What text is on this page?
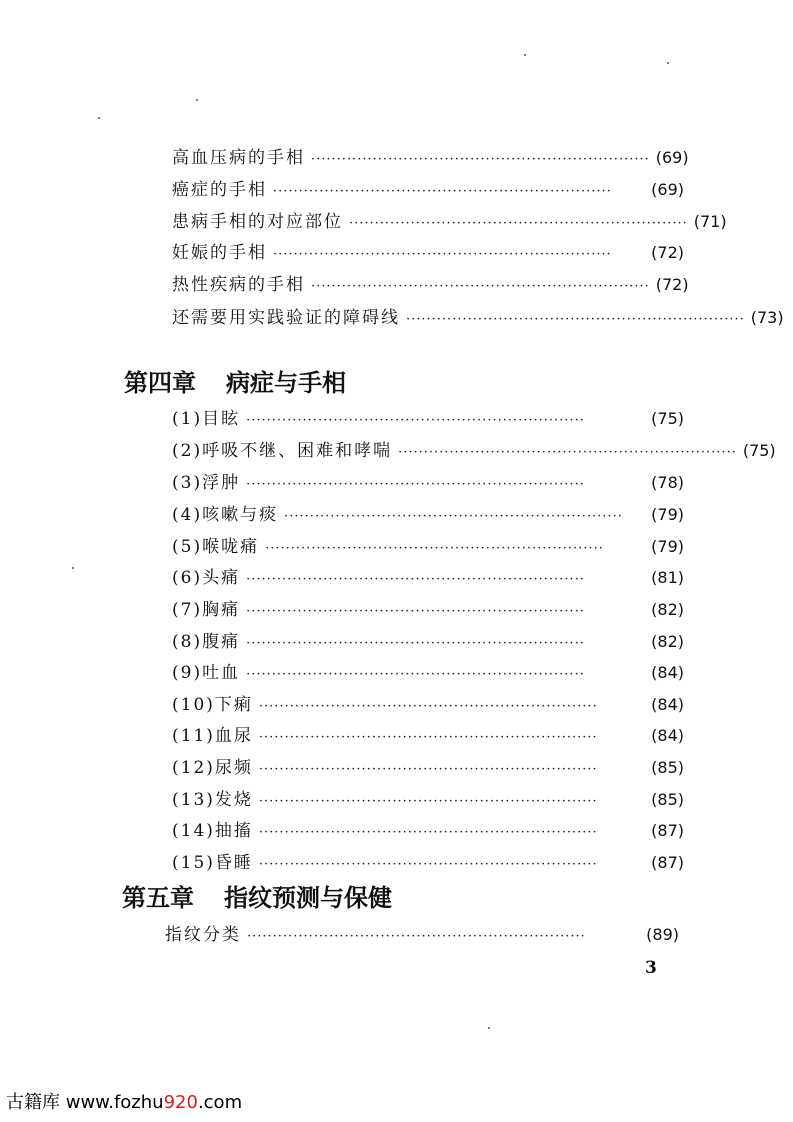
高血压病的手相 ·································································· (69)
癌症的手相 ··································································	(69)
患病手相的对应部位 ·································································· (71)
妊娠的手相 ··································································	(72)
热性疾病的手相 ·································································· (72)
还需要用实践验证的障碍线 ·································································· (73)
第四章 病症与手相
(1)目眩 ··································································	(75)
(2)呼吸不继、困难和哮喘 ·································································· (75)
(3)浮肿 ··································································	(78)
(4)咳嗽与痰 ··································································	(79)
(5)喉咙痛 ··································································	(79)
(6)头痛 ··································································	(81)
(7)胸痛 ··································································	(82)
(8)腹痛 ··································································	(82)
(9)吐血 ··································································	(84)
(10)下痢 ··································································	(84)
(11)血尿 ··································································	(84)
(12)尿频 ··································································	(85)
(13)发烧 ··································································	(85)
(14)抽搐 ··································································	(87)
(15)昏睡 ··································································	(87)
第五章 指纹预测与保健
指纹分类 ··································································	(89)
3
古籍库 www.fozhu920.com
